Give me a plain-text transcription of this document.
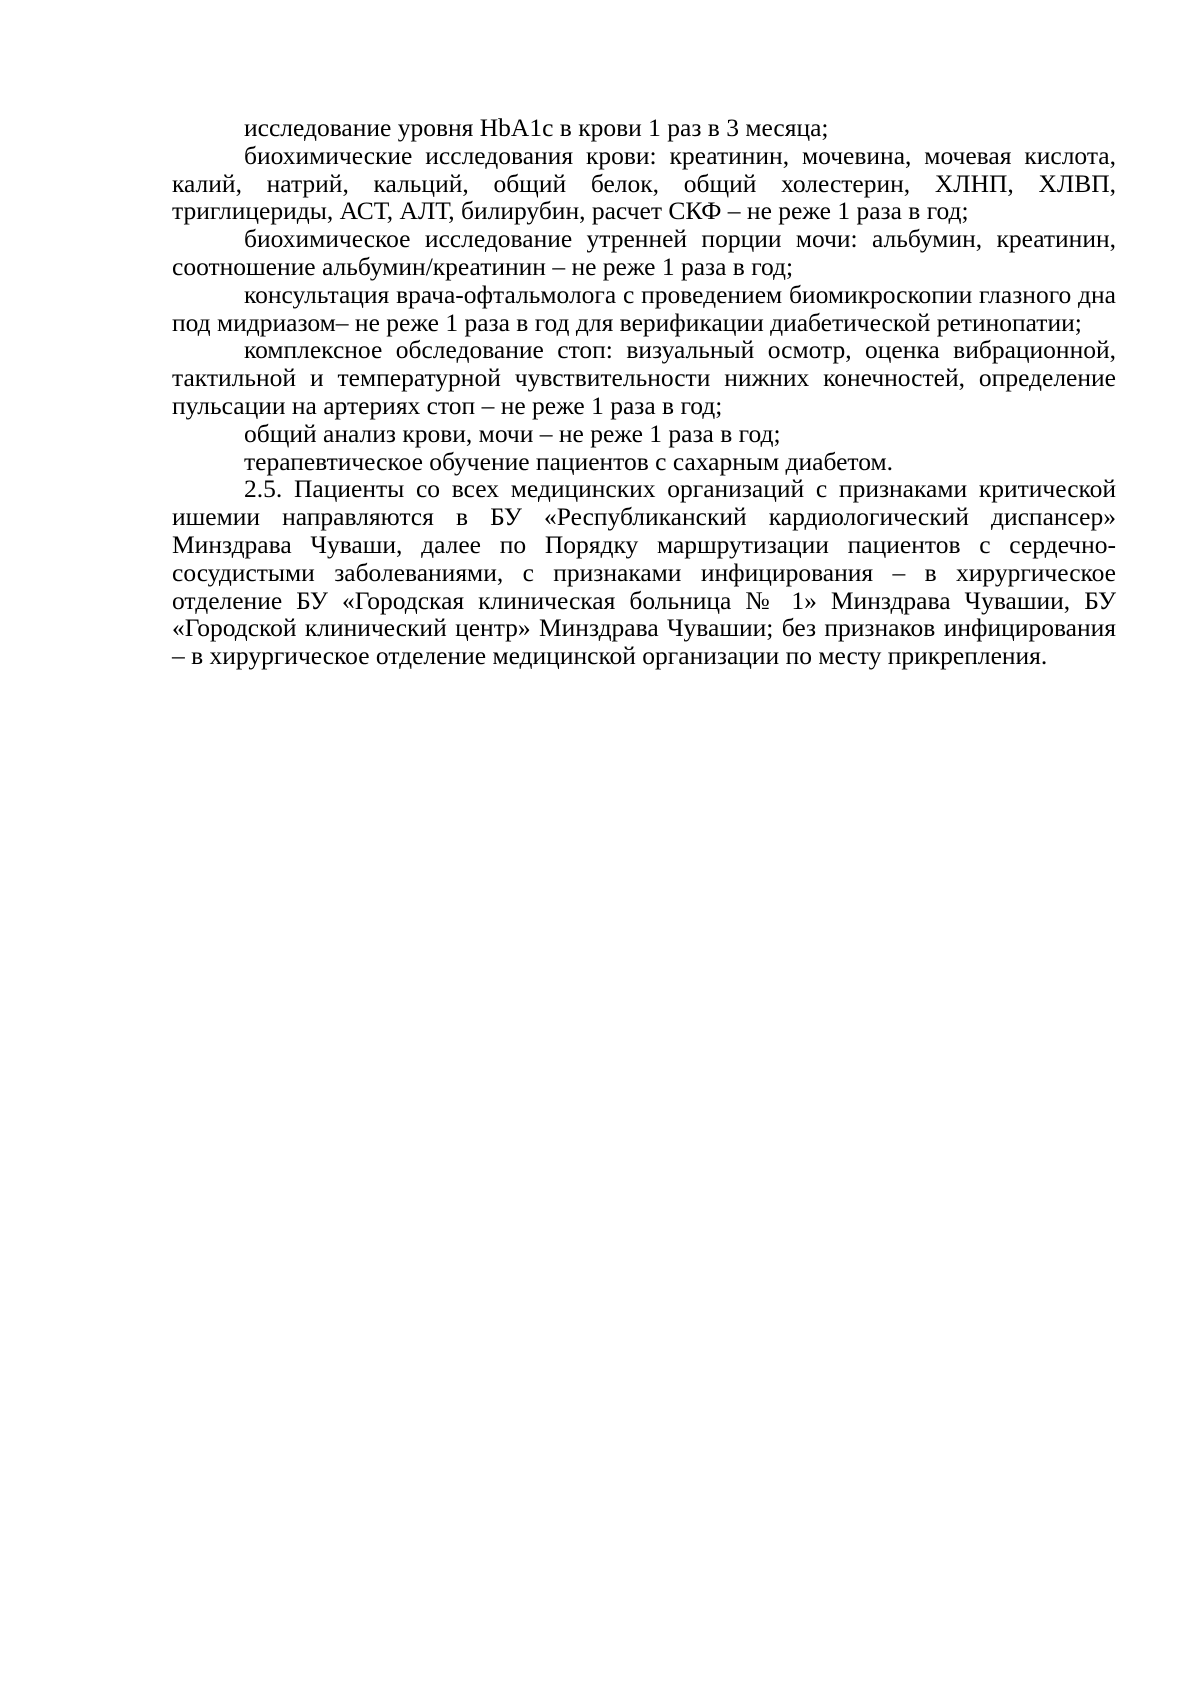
исследование уровня HbA1c в крови 1 раз в 3 месяца;

биохимические исследования крови: креатинин, мочевина, мочевая кислота, калий, натрий, кальций, общий белок, общий холестерин, ХЛНП, ХЛВП, триглицериды, АСТ, АЛТ, билирубин, расчет СКФ – не реже 1 раза в год;

биохимическое исследование утренней порции мочи: альбумин, креатинин, соотношение альбумин/креатинин – не реже 1 раза в год;

консультация врача-офтальмолога с проведением биомикроскопии глазного дна под мидриазом– не реже 1 раза в год для верификации диабетической ретинопатии;

комплексное обследование стоп: визуальный осмотр, оценка вибрационной, тактильной и температурной чувствительности нижних конечностей, определение пульсации на артериях стоп – не реже 1 раза в год;

общий анализ крови, мочи – не реже 1 раза в год;

терапевтическое обучение пациентов с сахарным диабетом.

2.5. Пациенты со всех медицинских организаций с признаками критической ишемии направляются в БУ «Республиканский кардиологический диспансер» Минздрава Чуваши, далее по Порядку маршрутизации пациентов с сердечно-сосудистыми заболеваниями, с признаками инфицирования – в хирургическое отделение БУ «Городская клиническая больница № 1» Минздрава Чувашии, БУ «Городской клинический центр» Минздрава Чувашии; без признаков инфицирования – в хирургическое отделение медицинской организации по месту прикрепления.
